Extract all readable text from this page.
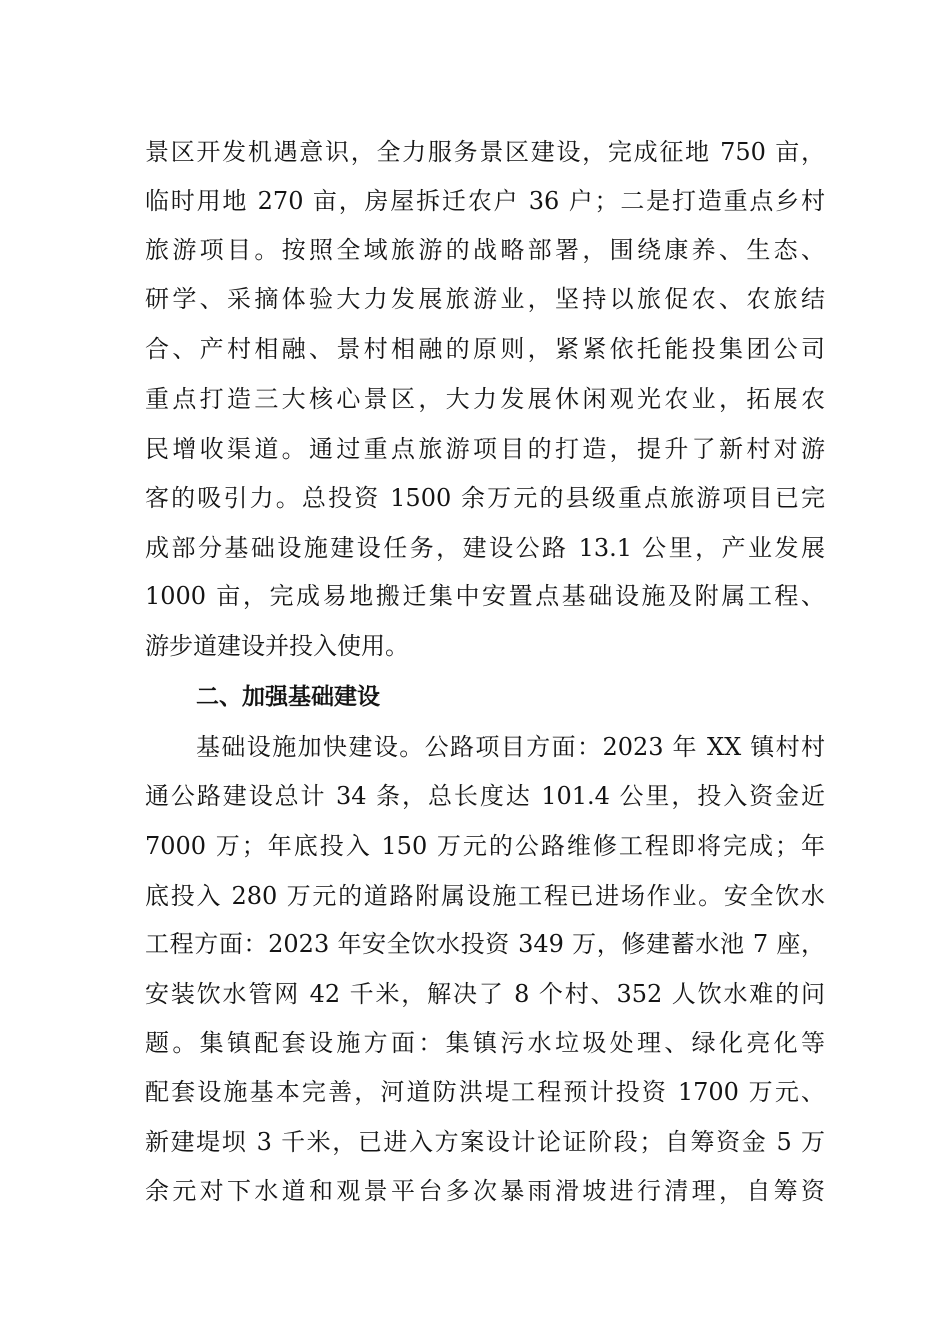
景区开发机遇意识，全力服务景区建设，完成征地 750 亩，
临时用地 270 亩，房屋拆迁农户 36 户；二是打造重点乡村
旅游项目。按照全域旅游的战略部署，围绕康养、生态、
研学、采摘体验大力发展旅游业，坚持以旅促农、农旅结
合、产村相融、景村相融的原则，紧紧依托能投集团公司
重点打造三大核心景区，大力发展休闲观光农业，拓展农
民增收渠道。通过重点旅游项目的打造，提升了新村对游
客的吸引力。总投资 1500 余万元的县级重点旅游项目已完
成部分基础设施建设任务，建设公路 13.1 公里，产业发展
1000 亩，完成易地搬迁集中安置点基础设施及附属工程、
游步道建设并投入使用。
二、加强基础建设
基础设施加快建设。公路项目方面：2023 年 XX 镇村村
通公路建设总计 34 条，总长度达 101.4 公里，投入资金近
7000 万；年底投入 150 万元的公路维修工程即将完成；年
底投入 280 万元的道路附属设施工程已进场作业。安全饮水
工程方面：2023 年安全饮水投资 349 万，修建蓄水池 7 座，
安装饮水管网 42 千米，解决了 8 个村、352 人饮水难的问
题。集镇配套设施方面：集镇污水垃圾处理、绿化亮化等
配套设施基本完善，河道防洪堤工程预计投资 1700 万元、
新建堤坝 3 千米，已进入方案设计论证阶段；自筹资金 5 万
余元对下水道和观景平台多次暴雨滑坡进行清理，自筹资
